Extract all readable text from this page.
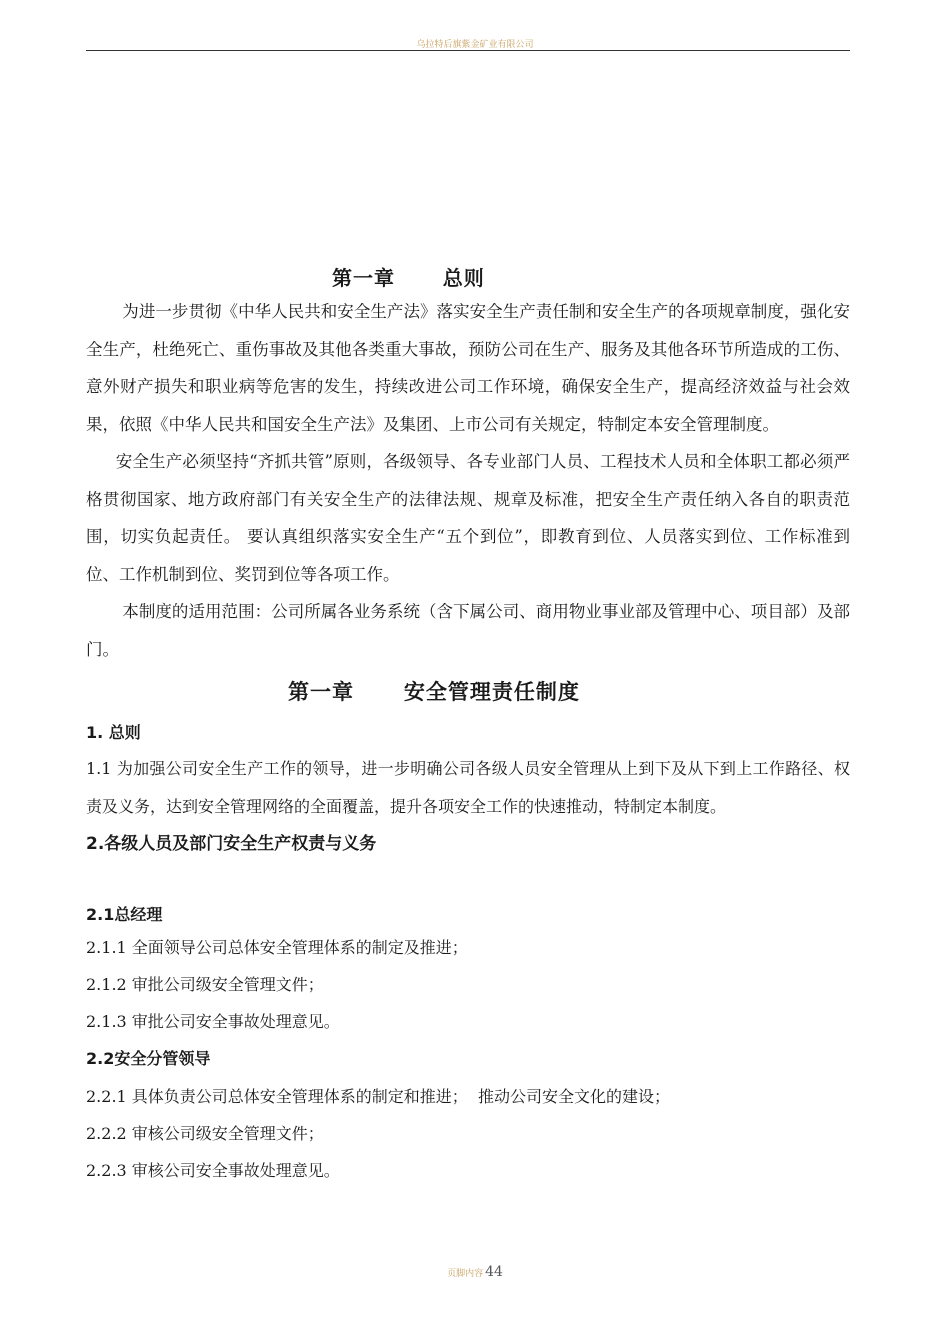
乌拉特后旗紫金矿业有限公司

第一章      总则

为进一步贯彻《中华人民共和安全生产法》落实安全生产责任制和安全生产的各项规章制度，强化安全生产，杜绝死亡、重伤事故及其他各类重大事故，预防公司在生产、服务及其他各环节所造成的工伤、意外财产损失和职业病等危害的发生，持续改进公司工作环境，确保安全生产，提高经济效益与社会效果，依照《中华人民共和国安全生产法》及集团、上市公司有关规定，特制定本安全管理制度。

安全生产必须坚持“齐抓共管”原则，各级领导、各专业部门人员、工程技术人员和全体职工都必须严格贯彻国家、地方政府部门有关安全生产的法律法规、规章及标准，把安全生产责任纳入各自的职责范围，切实负起责任。 要认真组织落实安全生产“五个到位”，即教育到位、人员落实到位、工作标准到位、工作机制到位、奖罚到位等各项工作。

本制度的适用范围：公司所属各业务系统（含下属公司、商用物业事业部及管理中心、项目部）及部门。

第一章      安全管理责任制度

1. 总则

1.1 为加强公司安全生产工作的领导，进一步明确公司各级人员安全管理从上到下及从下到上工作路径、权责及义务，达到安全管理网络的全面覆盖，提升各项安全工作的快速推动，特制定本制度。

2.各级人员及部门安全生产权责与义务

2.1总经理

2.1.1 全面领导公司总体安全管理体系的制定及推进；

2.1.2 审批公司级安全管理文件；

2.1.3 审批公司安全事故处理意见。

2.2安全分管领导

2.2.1 具体负责公司总体安全管理体系的制定和推进；  推动公司安全文化的建设；

2.2.2 审核公司级安全管理文件；

2.2.3 审核公司安全事故处理意见。

页脚内容 44
